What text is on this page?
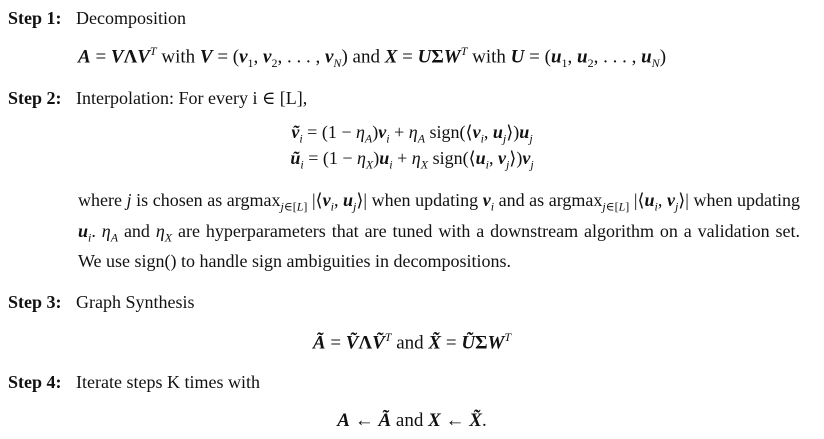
Step 1: Decomposition
$A = V\Lambda V^T$ with $V = (v_1$, $v_2$, . . . , $v_N$) and $X = U\Sigma W^T$ with $U = (u_1$, $u_2$, . . . , $u_N$)
Step 2: Interpolation: For every i ∈ [L],
ṽ$_i$ = $(1 - \eta_A)v_i + \eta_A$ $sign(⟨v_i$, $u_j⟩)u_j$
$ũ_i = (1 - \eta_X)u_i + \eta_X$ $sign(⟨u_i$, $v_j⟩)v_j$
where j is chosen as argmax$_{j\in[L]}$ $|⟨v_i$, $u_j⟩|$ when updating $v_i$ and as argmax$_{j\in[L]}$ $|⟨u_i$, $v_j⟩|$ when updating $u_i$. $\eta_A$ and $\eta_X$ are hyperparameters that are tuned with a downstream algorithm on a validation set. We use sign() to handle sign ambiguities in decompositions.
Step 3: Graph Synthesis
Ã = ṼΛṼ$^T$ and X̃ = $Ũ\Sigma W^T$
Step 4: Iterate steps K times with
A ← Ã and X ← X̃.
